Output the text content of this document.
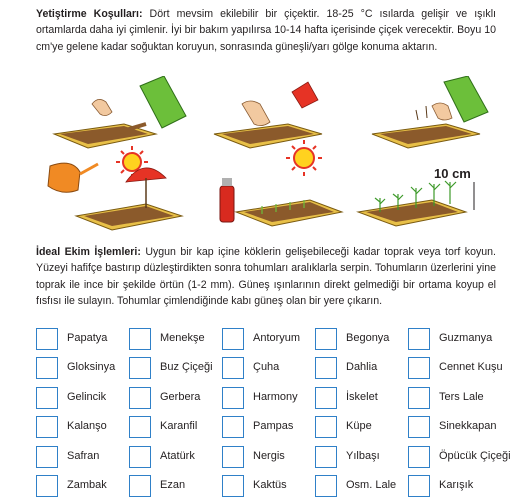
Yetiştirme Koşulları: Dört mevsim ekilebilir bir çiçektir. 18-25 °C ısılarda gelişir ve ışıklı ortamlarda daha iyi çimlenir. İyi bir bakım yapılırsa 10-14 hafta içerisinde çiçek verecektir. Boyu 10 cm'ye gelene kadar soğuktan koruyun, sonrasında güneşli/yarı gölge konuma aktarın.
10 cm
İdeal Ekim İşlemleri: Uygun bir kap içine köklerin gelişebileceği kadar toprak veya torf koyun. Yüzeyi hafifçe bastırıp düzleştirdikten sonra tohumları aralıklarla serpin. Tohumların üzerlerini yine toprak ile ince bir şekilde örtün (1-2 mm). Güneş ışınlarının direkt gelmediği bir ortama koyup el fısfısı ile sulayın. Tohumlar çimlendiğinde kabı güneş olan bir yere çıkarın.
Papatya	Menekşe	Antoryum	Begonya	Guzmanya
Gloksinya	Buz Çiçeği	Çuha	Dahlia	Cennet Kuşu
Gelincik	Gerbera	Harmony	İskelet	Ters Lale
Kalanşo	Karanfil	Pampas	Küpe	Sinekkapan
Safran	Atatürk	Nergis	Yılbaşı	Öpücük Çiçeği
Zambak	Ezan	Kaktüs	Osm. Lale	Karışık
